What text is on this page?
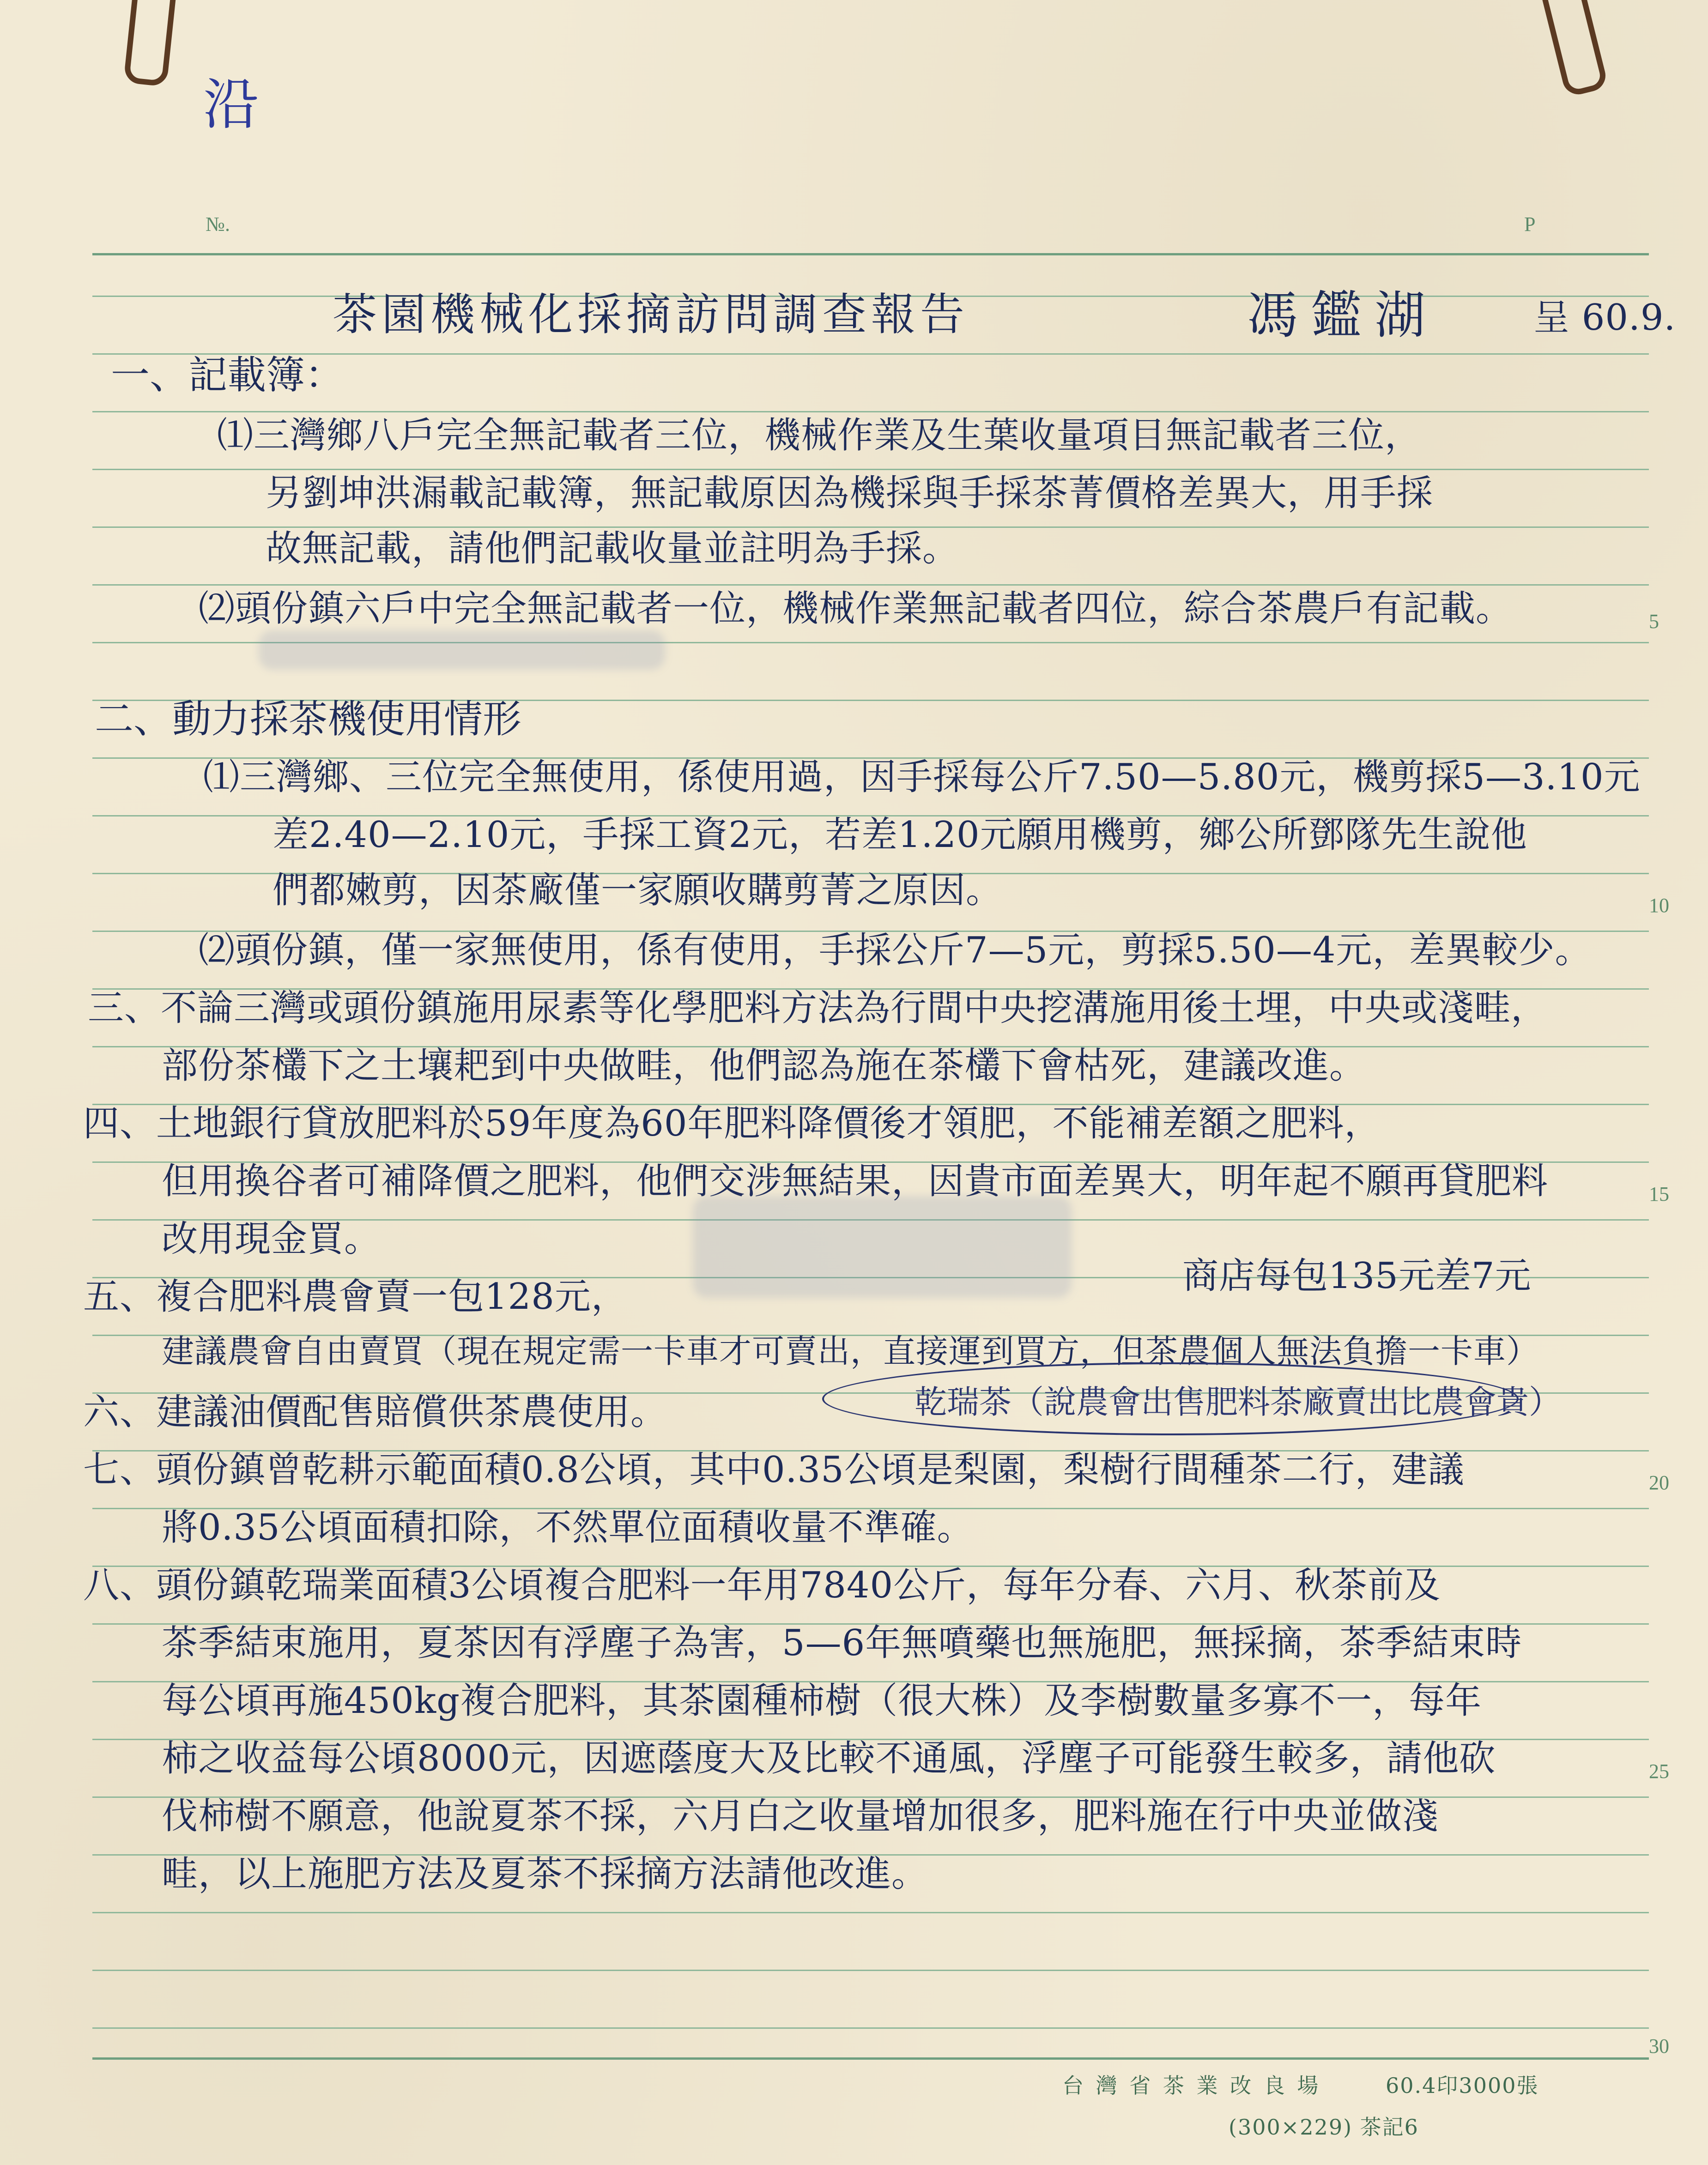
沿
№.	P
5
10
15
20
25
30
茶園機械化採摘訪問調查報告	馮鑑湖	呈 60.9.
一、記載簿：
⑴三灣鄉八戶完全無記載者三位，機械作業及生葉收量項目無記載者三位，
另劉坤洪漏載記載簿，無記載原因為機採與手採茶菁價格差異大，用手採
故無記載，請他們記載收量並註明為手採。
⑵頭份鎮六戶中完全無記載者一位，機械作業無記載者四位，綜合茶農戶有記載。
二、動力採茶機使用情形
⑴三灣鄉、三位完全無使用，係使用過，因手採每公斤7.50—5.80元，機剪採5—3.10元
差2.40—2.10元，手採工資2元，若差1.20元願用機剪，鄉公所鄧隊先生說他
們都嫩剪，因茶廠僅一家願收購剪菁之原因。
⑵頭份鎮，僅一家無使用，係有使用，手採公斤7—5元，剪採5.50—4元，差異較少。
三、不論三灣或頭份鎮施用尿素等化學肥料方法為行間中央挖溝施用後土埋，中央或淺畦，
部份茶欉下之土壤耙到中央做畦，他們認為施在茶欉下會枯死，建議改進。
四、土地銀行貸放肥料於59年度為60年肥料降價後才領肥，不能補差額之肥料，
但用換谷者可補降價之肥料，他們交涉無結果，因貴市面差異大，明年起不願再貸肥料
改用現金買。
五、複合肥料農會賣一包128元，	商店每包135元差7元
建議農會自由賣買（現在規定需一卡車才可賣出，直接運到買方，但茶農個人無法負擔一卡車）
六、建議油價配售賠償供茶農使用。	乾瑞茶（說農會出售肥料茶廠賣出比農會貴）
七、頭份鎮曾乾耕示範面積0.8公頃，其中0.35公頃是梨園，梨樹行間種茶二行，建議
將0.35公頃面積扣除，不然單位面積收量不準確。
八、頭份鎮乾瑞業面積3公頃複合肥料一年用7840公斤，每年分春、六月、秋茶前及
茶季結束施用，夏茶因有浮塵子為害，5—6年無噴藥也無施肥，無採摘，茶季結束時
每公頃再施450kg複合肥料，其茶園種柿樹（很大株）及李樹數量多寡不一，每年
柿之收益每公頃8000元，因遮蔭度大及比較不通風，浮塵子可能發生較多，請他砍
伐柿樹不願意，他說夏茶不採，六月白之收量增加很多，肥料施在行中央並做淺
畦，以上施肥方法及夏茶不採摘方法請他改進。
台 灣 省 茶 業 改 良 場	60.4印3000張
(300×229) 茶記6
